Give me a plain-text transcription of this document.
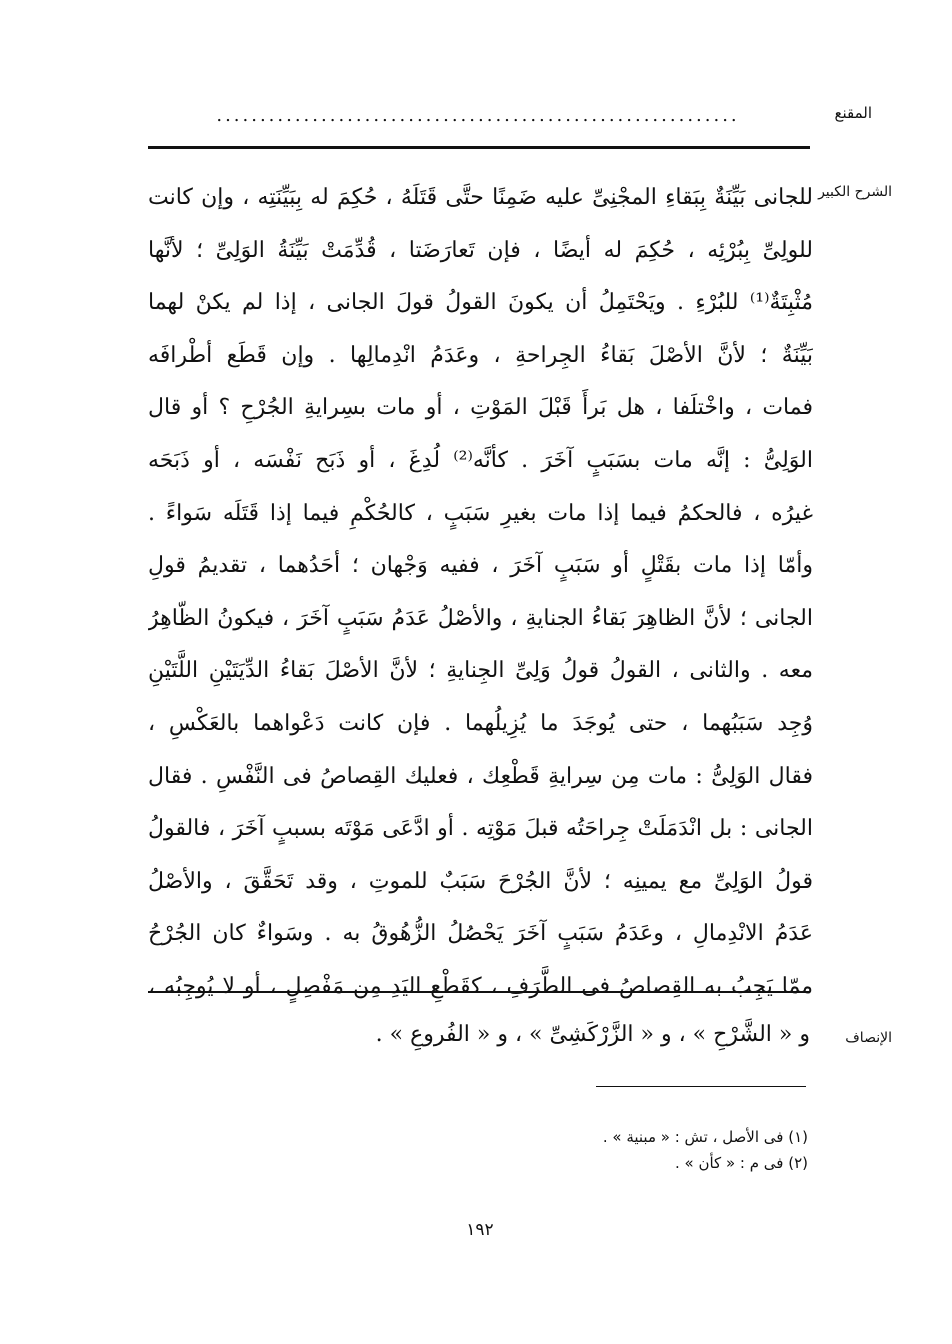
المقنع
............................................................
الشرح الكبير
للجانى بَيِّنَةٌ بِبَقاءِ المجْنِىِّ عليه ضَمِنًا حتَّى قَتَلَهُ ، حُكِمَ له بِبَيِّنَتِه ، وإن كانت
للولِىِّ بِبُرْئِه ، حُكِمَ له أيضًا ، فإن تَعارَضَتا ، قُدِّمَتْ بَيِّنَةُ الوَلِىِّ ؛ لأنَّها
مُثْبِتَةٌ⁽¹⁾ للبُرْءِ . ويَحْتَمِلُ أن يكونَ القولُ قولَ الجانى ، إذا لم يكنْ لهما
بَيِّنَةٌ ؛ لأنَّ الأصْلَ بَقاءُ الجِراحةِ ، وعَدَمُ انْدِمالِها . وإن قَطَع أطْرافَه
فمات ، واخْتلَفا ، هل بَرأَ قَبْلَ المَوْتِ ، أو مات بسِرايةِ الجُرْحِ ؟ أو قال
الوَلِىُّ : إنَّه مات بسَبَبٍ آخَرَ . كأنَّه⁽²⁾ لُدِغَ ، أو ذَبَح نَفْسَه ، أو ذَبَحَه
غيرُه ، فالحكمُ فيما إذا مات بغيرِ سَبَبٍ ، كالحُكْمِ فيما إذا قَتَلَه سَواءً .
وأمّا إذا مات بقَتْلٍ أو سَبَبٍ آخَرَ ، ففيه وَجْهان ؛ أحَدُهما ، تقديمُ قولِ
الجانى ؛ لأنَّ الظاهِرَ بَقاءُ الجنايةِ ، والأصْلُ عَدَمُ سَبَبٍ آخَرَ ، فيكونُ الظّاهِرُ
معه . والثانى ، القولُ قولُ وَلِىِّ الجِنايةِ ؛ لأنَّ الأصْلَ بَقاءُ الدِّيَتَيْنِ اللَّتَيْنِ
وُجِد سَبَبُهما ، حتى يُوجَدَ ما يُزِيلُهما . فإن كانت دَعْواهما بالعَكْسِ ،
فقال الوَلِىُّ : مات مِن سِرايةِ قَطْعِك ، فعليك القِصاصُ فى النَّفْسِ . فقال
الجانى : بل انْدَمَلَتْ جِراحَتُه قبلَ مَوْتِه . أو ادَّعَى مَوْتَه بسببٍ آخَرَ ، فالقولُ
قولُ الوَلِىِّ مع يمينِه ؛ لأنَّ الجُرْحَ سَبَبٌ للموتِ ، وقد تَحَقَّقَ ، والأصْلُ
عَدَمُ الانْدِمالِ ، وعَدَمُ سَبَبٍ آخَرَ يَحْصُلُ الزُّهُوقُ به . وسَواءٌ كان الجُرْحُ
ممّا يَجِبُ به القِصاصُ فى الطَّرَفِ ، كقَطْعِ اليَدِ مِن مَفْصِلٍ ، أو لا يُوجِبُه ،
الإنصاف
و « الشَّرْحِ » ، و « الزَّرْكَشِىِّ » ، و « الفُروعِ » .
(١) فى الأصل ، تش : « مبنية » .
(٢) فى م : « كأن » .
١٩٢
